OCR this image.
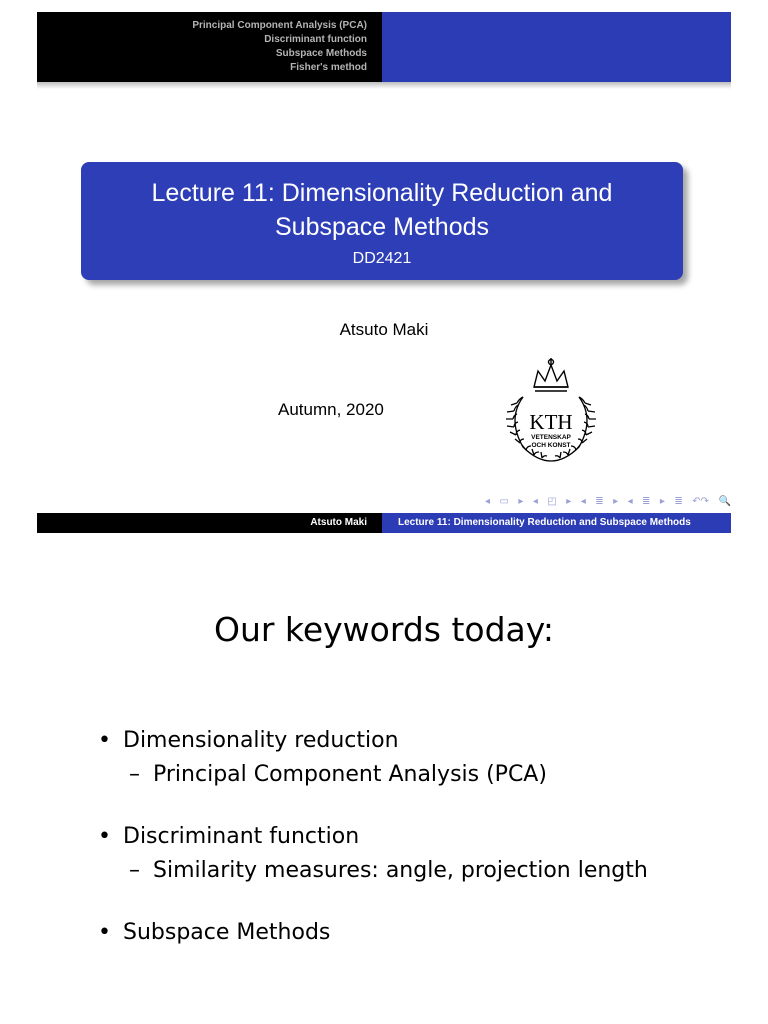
Principal Component Analysis (PCA)
Discriminant function
Subspace Methods
Fisher's method
Lecture 11: Dimensionality Reduction and
Subspace Methods
DD2421
Atsuto Maki
Autumn, 2020
KTH
VETENSKAP
OCH KONST
◂ ▭ ▸ ◂ ◰ ▸ ◂ ≣ ▸ ◂ ≣ ▸ ≣ ↶↷ 🔍
Atsuto Maki	Lecture 11: Dimensionality Reduction and Subspace Methods
Our keywords today:
• Dimensionality reduction
– Principal Component Analysis (PCA)
• Discriminant function
– Similarity measures: angle, projection length
• Subspace Methods
